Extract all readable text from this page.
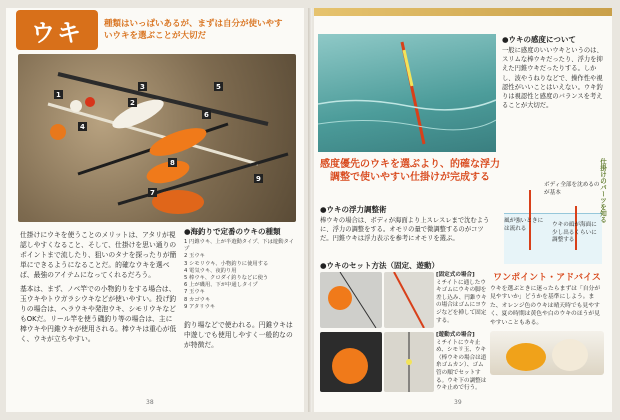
ウキ	種類はいっぱいあるが、まずは自分が使いやすいウキを選ぶことが大切だ
1
2
3
4
5
6
7
8
9
●海釣りで定番のウキの種類
1 円錐ウキ、上が半遊動タイプ、下は遊動タイプ
2 玉ウキ
3 シモリウキ、小物釣りに使用する
4 電気ウキ、夜釣り用
5 棒ウキ、クロダイ釣りなどに使う
6 上が磯用、下が中通しタイプ
7 玉ウキ
8 カゴウキ
9 アタリウキ

仕掛けにウキを使うことのメリットは、アタリが視認しやすくなること、そして、仕掛けを思い通りのポイントまで流したり、狙いのタナを探ったりが簡単にできるようになることだ。的確なウキを選べば、最強のアイテムになってくれるだろう。

基本は、まず、ノベ竿での小物釣りをする場合は、玉ウキやトウガラシウキなどが使いやすい。投げ釣りの場合は、ヘラウキや発泡ウキ、シモリウキなどもOKだ。リール竿を使う磯釣り等の場合は、主に棒ウキや円錐ウキが使用される。棒ウキは重心が低く、ウキが立ちやすい。

釣り場などで使われる。円錐ウキは中遊しでも使用しやすく一般的なのが特徴だ。
38
●ウキの感度について
一般に感度のいいウキというのは、スリムな棒ウキだったり、浮力を抑えた円錐ウキだったりする。しかし、波やうねりなどで、操作性や視認性がいいことはいえない。ウキ釣りは視認性と感度のバランスを考えることが大切だ。
感度優先のウキを選ぶより、的確な浮力調整で使いやすい仕掛けが完成する
●ウキの浮力調整術
棒ウキの場合は、ボディが海面より上スレスレまで沈むように、浮力の調整をする。オモリの量で微調整するのがコツだ。円錐ウキは浮力表示を参考にオモリを選ぶ。
ボディ全部を沈めるのが基本
風が強いときには流れる
ウキの頭が海面に少し出るくらいに調整する
仕掛けのパーツを知る
●ウキのセット方法（固定、遊動）
[固定式の場合]
ミチイトに通したウキゴムにウキの脚を差し込み、円錐ウキの場合はゴムにヨウジなどを挿して固定する。
[遊動式の場合]
ミチイトにウキ止め、シモリ玉、ウキ（棒ウキの場合は道糸ゴムカン）、ゴム管の順でセットする。ウキ下の調整はウキ止めで行う。
ワンポイント・アドバイス
ウキを選ぶときに迷ったらまずは「自分が見やすいか」どうかを基準にしよう。また、オレンジ色のウキは晴天時でも見やすく、夏の時期は黄色や白のウキのほうが見やすいこともある。
39
